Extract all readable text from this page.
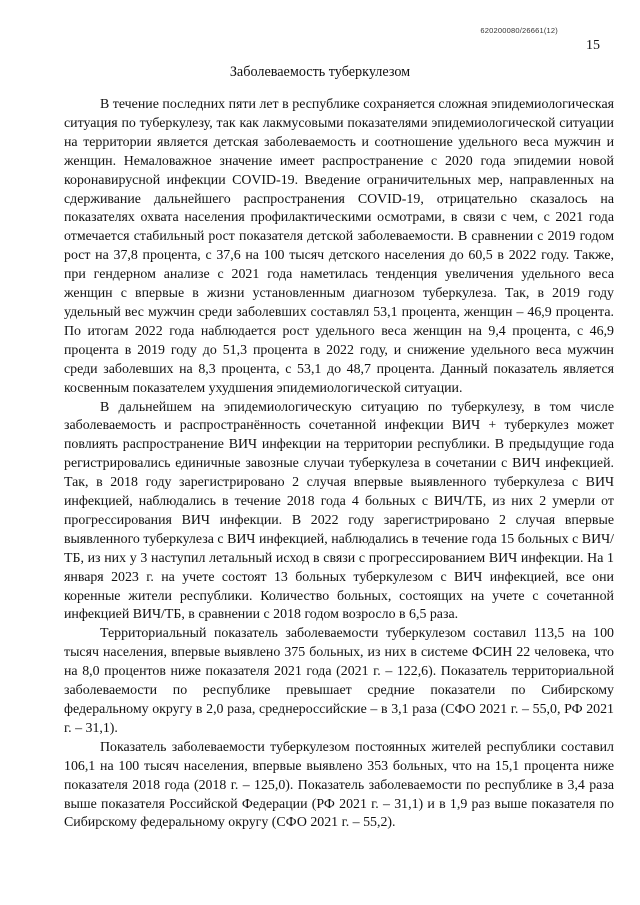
620200080/26661(12)
15
Заболеваемость туберкулезом

В течение последних пяти лет в республике сохраняется сложная эпидемиологическая ситуация по туберкулезу, так как лакмусовыми показателями эпидемиологической ситуации на территории является детская заболеваемость и соотношение удельного веса мужчин и женщин. Немаловажное значение имеет распространение с 2020 года эпидемии новой коронавирусной инфекции COVID-19. Введение ограничительных мер, направленных на сдерживание дальнейшего распространения COVID-19, отрицательно сказалось на показателях охвата населения профилактическими осмотрами, в связи с чем, с 2021 года отмечается стабильный рост показателя детской заболеваемости. В сравнении с 2019 годом рост на 37,8 процента, с 37,6 на 100 тысяч детского населения до 60,5 в 2022 году. Также, при гендерном анализе с 2021 года наметилась тенденция увеличения удельного веса женщин с впервые в жизни установленным диагнозом туберкулеза. Так, в 2019 году удельный вес мужчин среди заболевших составлял 53,1 процента, женщин – 46,9 процента. По итогам 2022 года наблюдается рост удельного веса женщин на 9,4 процента, с 46,9 процента в 2019 году до 51,3 процента в 2022 году, и снижение удельного веса мужчин среди заболевших на 8,3 процента, с 53,1 до 48,7 процента. Данный показатель является косвенным показателем ухудшения эпидемиологической ситуации.

В дальнейшем на эпидемиологическую ситуацию по туберкулезу, в том числе заболеваемость и распространённость сочетанной инфекции ВИЧ + туберкулез может повлиять распространение ВИЧ инфекции на территории республики. В предыдущие года регистрировались единичные завозные случаи туберкулеза в сочетании с ВИЧ инфекцией. Так, в 2018 году зарегистрировано 2 случая впервые выявленного туберкулеза с ВИЧ инфекцией, наблюдались в течение 2018 года 4 больных с ВИЧ/ТБ, из них 2 умерли от прогрессирования ВИЧ инфекции. В 2022 году зарегистрировано 2 случая впервые выявленного туберкулеза с ВИЧ инфекцией, наблюдались в течение года 15 больных с ВИЧ/ТБ, из них у 3 наступил летальный исход в связи с прогрессированием ВИЧ инфекции. На 1 января 2023 г. на учете состоят 13 больных туберкулезом с ВИЧ инфекцией, все они коренные жители республики. Количество больных, состоящих на учете с сочетанной инфекцией ВИЧ/ТБ, в сравнении с 2018 годом возросло в 6,5 раза.

Территориальный показатель заболеваемости туберкулезом составил 113,5 на 100 тысяч населения, впервые выявлено 375 больных, из них в системе ФСИН 22 человека, что на 8,0 процентов ниже показателя 2021 года (2021 г. – 122,6). Показатель территориальной заболеваемости по республике превышает средние показатели по Сибирскому федеральному округу в 2,0 раза, среднероссийские – в 3,1 раза (СФО 2021 г. – 55,0, РФ 2021 г. – 31,1).

Показатель заболеваемости туберкулезом постоянных жителей республики составил 106,1 на 100 тысяч населения, впервые выявлено 353 больных, что на 15,1 процента ниже показателя 2018 года (2018 г. – 125,0). Показатель заболеваемости по республике в 3,4 раза выше показателя Российской Федерации (РФ 2021 г. – 31,1) и в 1,9 раз выше показателя по Сибирскому федеральному округу (СФО 2021 г. – 55,2).
